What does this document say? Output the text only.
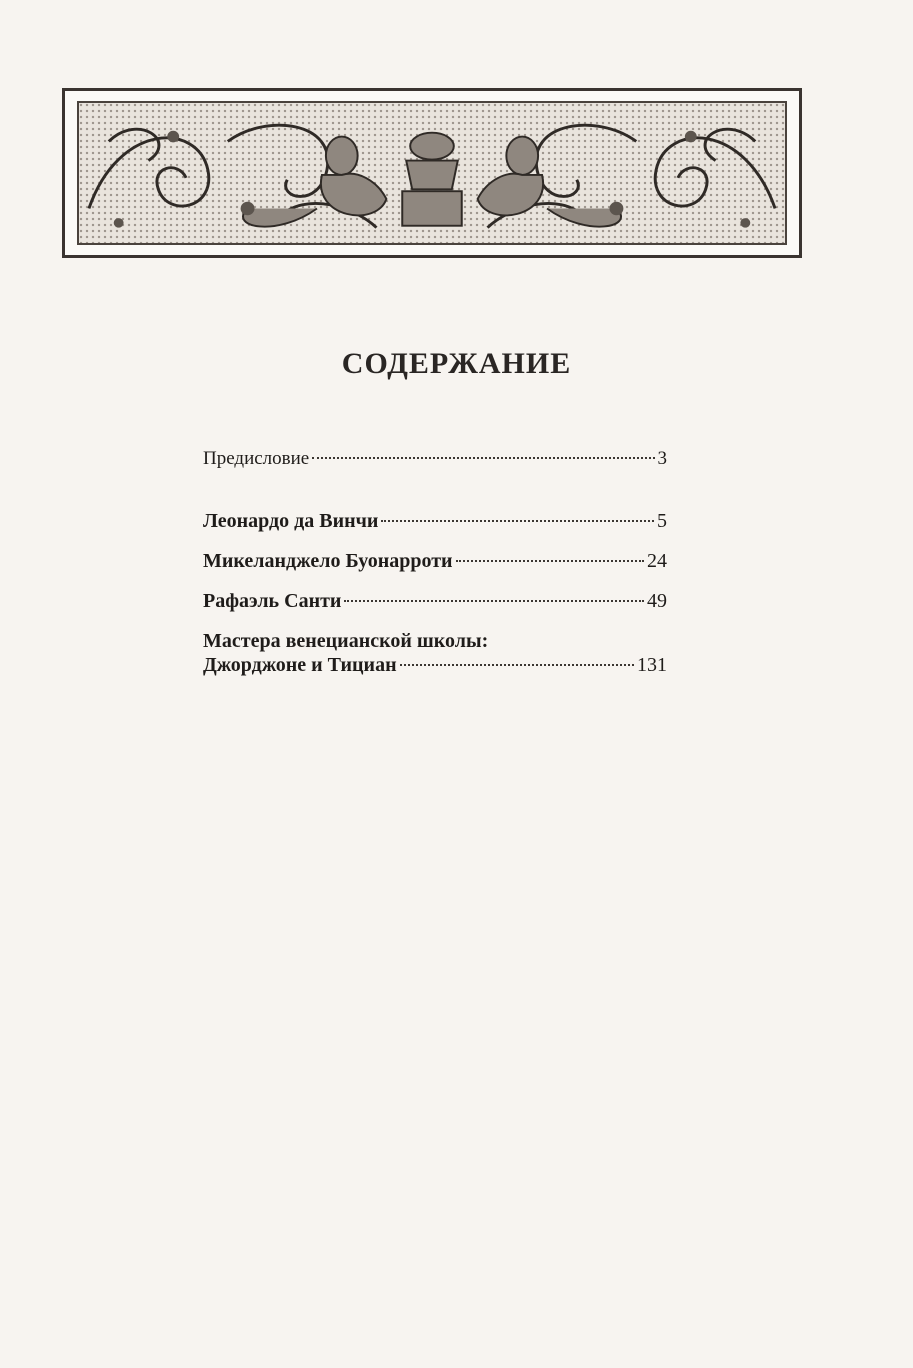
СОДЕРЖАНИЕ
Предисловие	3
Леонардо да Винчи	5
Микеланджело Буонарроти	24
Рафаэль Санти	49
Мастера венецианской школы:
Джорджоне и Тициан	131
